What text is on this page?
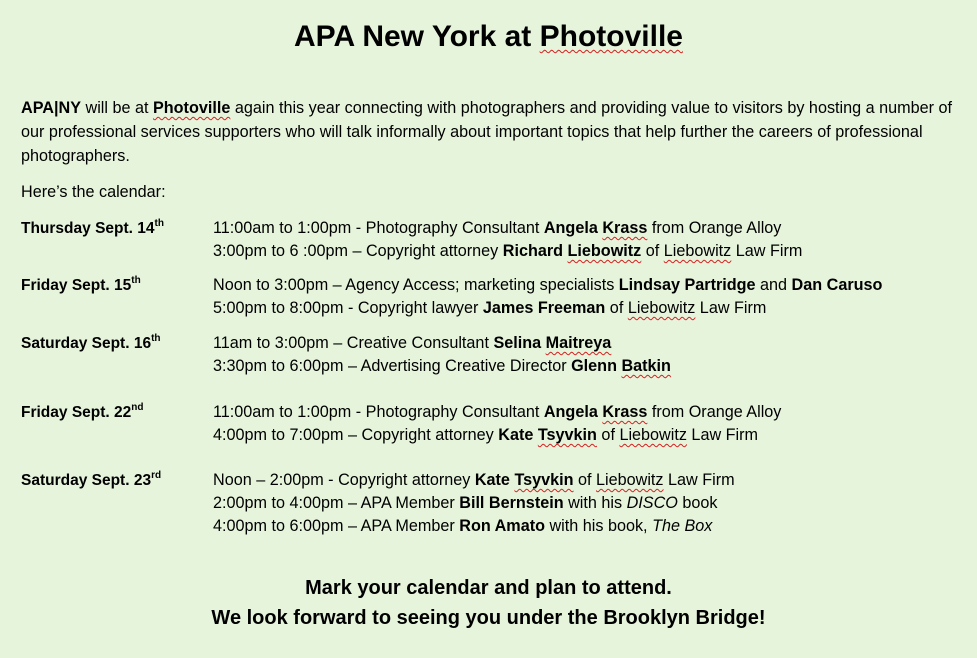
APA New York at Photoville
APA|NY will be at Photoville again this year connecting with photographers and providing value to visitors by hosting a number of our professional services supporters who will talk informally about important topics that help further the careers of professional photographers.
Here’s the calendar:
Thursday Sept. 14th	11:00am to 1:00pm - Photography Consultant Angela Krass from Orange Alloy
3:00pm to 6 :00pm – Copyright attorney Richard Liebowitz of Liebowitz Law Firm
Friday Sept. 15th	Noon to 3:00pm – Agency Access; marketing specialists Lindsay Partridge and Dan Caruso
5:00pm to 8:00pm - Copyright lawyer James Freeman of Liebowitz Law Firm
Saturday Sept. 16th	11am to 3:00pm – Creative Consultant Selina Maitreya
3:30pm to 6:00pm – Advertising Creative Director Glenn Batkin
Friday Sept. 22nd	11:00am to 1:00pm - Photography Consultant Angela Krass from Orange Alloy
4:00pm to 7:00pm – Copyright attorney Kate Tsyvkin of Liebowitz Law Firm
Saturday Sept. 23rd	Noon – 2:00pm - Copyright attorney Kate Tsyvkin of Liebowitz Law Firm
2:00pm to 4:00pm – APA Member Bill Bernstein with his DISCO book
4:00pm to 6:00pm – APA Member Ron Amato with his book, The Box
Mark your calendar and plan to attend.
We look forward to seeing you under the Brooklyn Bridge!
